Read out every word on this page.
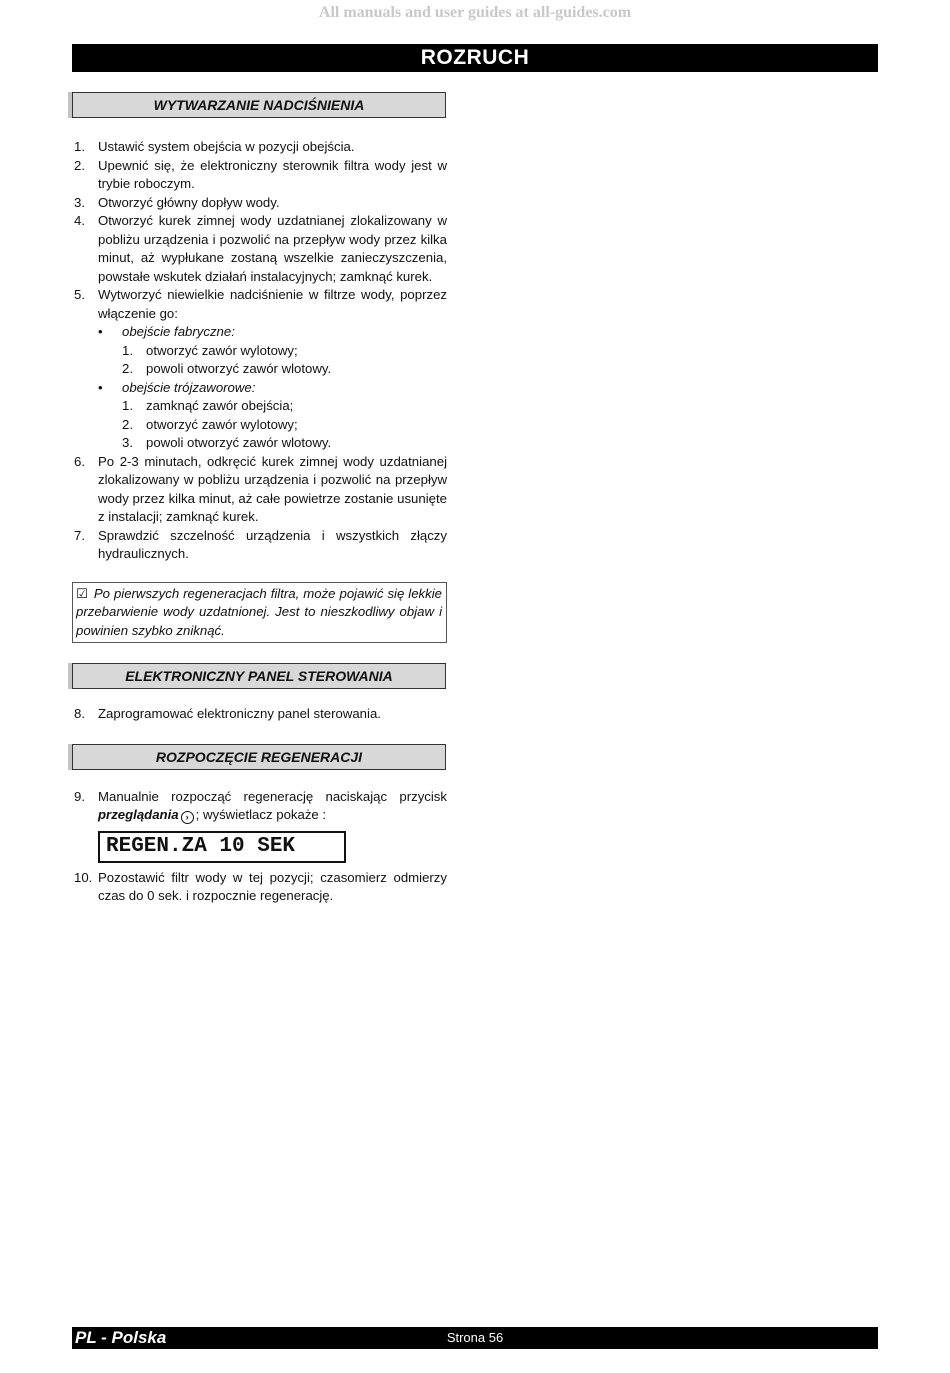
All manuals and user guides at all-guides.com
ROZRUCH
WYTWARZANIE NADCIŚNIENIA
1. Ustawić system obejścia w pozycji obejścia.
2. Upewnić się, że elektroniczny sterownik filtra wody jest w trybie roboczym.
3. Otworzyć główny dopływ wody.
4. Otworzyć kurek zimnej wody uzdatnianej zlokalizowany w pobliżu urządzenia i pozwolić na przepływ wody przez kilka minut, aż wypłukane zostaną wszelkie zanieczyszczenia, powstałe wskutek działań instalacyjnych; zamknąć kurek.
5. Wytworzyć niewielkie nadciśnienie w filtrze wody, poprzez włączenie go:
• obejście fabryczne:
1. otworzyć zawór wylotowy;
2. powoli otworzyć zawór wlotowy.
• obejście trójzaworowe:
1. zamknąć zawór obejścia;
2. otworzyć zawór wylotowy;
3. powoli otworzyć zawór wlotowy.
6. Po 2-3 minutach, odkręcić kurek zimnej wody uzdatnianej zlokalizowany w pobliżu urządzenia i pozwolić na przepływ wody przez kilka minut, aż całe powietrze zostanie usunięte z instalacji; zamknąć kurek.
7. Sprawdzić szczelność urządzenia i wszystkich złączy hydraulicznych.
☑ Po pierwszych regeneracjach filtra, może pojawić się lekkie przebarwienie wody uzdatnionej. Jest to nieszkodliwy objaw i powinien szybko zniknąć.
ELEKTRONICZNY PANEL STEROWANIA
8. Zaprogramować elektroniczny panel sterowania.
ROZPOCZĘCIE REGENERACJI
9. Manualnie rozpocząć regenerację naciskając przycisk przeglądania › ; wyświetlacz pokaże :
REGEN.ZA 10 SEK
10. Pozostawić filtr wody w tej pozycji; czasomierz odmierzy czas do 0 sek. i rozpocznie regenerację.
Strona 56
PL - Polska
